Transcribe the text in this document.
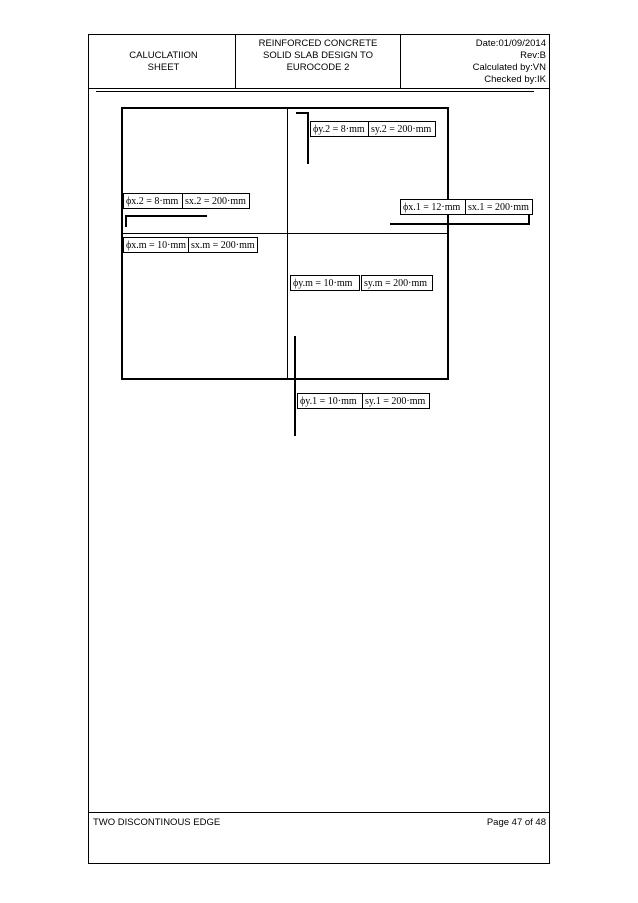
CALUCLATIION
SHEET
REINFORCED CONCRETE
SOLID SLAB DESIGN TO
EUROCODE 2
Date:01/09/2014
Rev:B
Calculated by:VN
Checked by:IK
ϕy.2 = 8·mm sy.2 = 200·mm
ϕx.2 = 8·mm sx.2 = 200·mm
ϕx.1 = 12·mm sx.1 = 200·mm
ϕx.m = 10·mm sx.m = 200·mm
ϕy.m = 10·mm	sy.m = 200·mm
ϕy.1 = 10·mm sy.1 = 200·mm
TWO DISCONTINOUS EDGE	Page 47 of 48
